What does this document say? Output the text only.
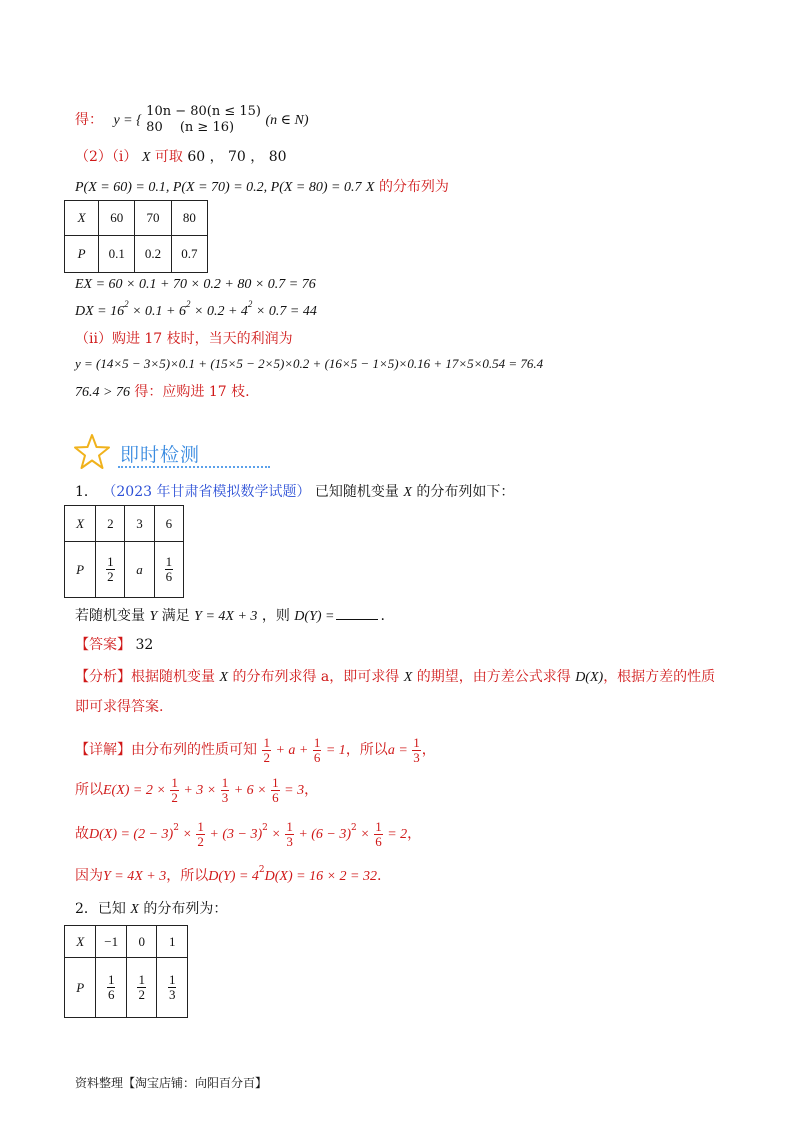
得： y = {
10n − 80(n ≤ 15)
80　 (n ≥ 16)	(n ∈ N)
（2）（i） X 可取 60 ， 70 ， 80
P(X = 60) = 0.1, P(X = 70) = 0.2, P(X = 80) = 0.7 X 的分布列为
X	60	70	80
P	0.1	0.2	0.7
EX = 60 × 0.1 + 70 × 0.2 + 80 × 0.7 = 76
DX = $16^2 \times 0.1 + 6^2 \times 0.2 + 4^2 \times 0.7 = 44$
（ii）购进 17 枝时，当天的利润为
y = (14×5 − 3×5)×0.1 + (15×5 − 2×5)×0.2 + (16×5 − 1×5)×0.16 + 17×5×0.54 = 76.4
76.4 > 76 得：应购进 17 枝.
即时检测
1． （2023 年甘肃省模拟数学试题） 已知随机变量 X 的分布列如下：
X	2	3	6
P	$\frac{1}{2}$	a	$\frac{1}{6}$
若随机变量 Y 满足 Y = 4X + 3 ，则 D(Y) =	.
【答案】 32
【分析】根据随机变量 X 的分布列求得 a，即可求得 X 的期望，由方差公式求得 D(X)，根据方差的性质
即可求得答案.
【详解】由分布列的性质可知 $\frac{1}{2} + a + \frac{1}{6} = 1$，所以$a = \frac{1}{3}$ ，
所以$E(X) = 2 \times \frac{1}{2} + 3 \times \frac{1}{3} + 6 \times \frac{1}{6} = 3$，
故$D(X) = (2 - 3)^2 \times \frac{1}{2} + (3 - 3)^2 \times \frac{1}{3} + (6 - 3)^2 \times \frac{1}{6} = 2$，
因为Y = 4X + 3，所以$D(Y) = 4^2D(X) = 16 \times 2 = 32$.
2．已知 X 的分布列为：
X	−1	0	1
P	$\frac{1}{6}$	$\frac{1}{2}$	$\frac{1}{3}$
资料整理【淘宝店铺：向阳百分百】
